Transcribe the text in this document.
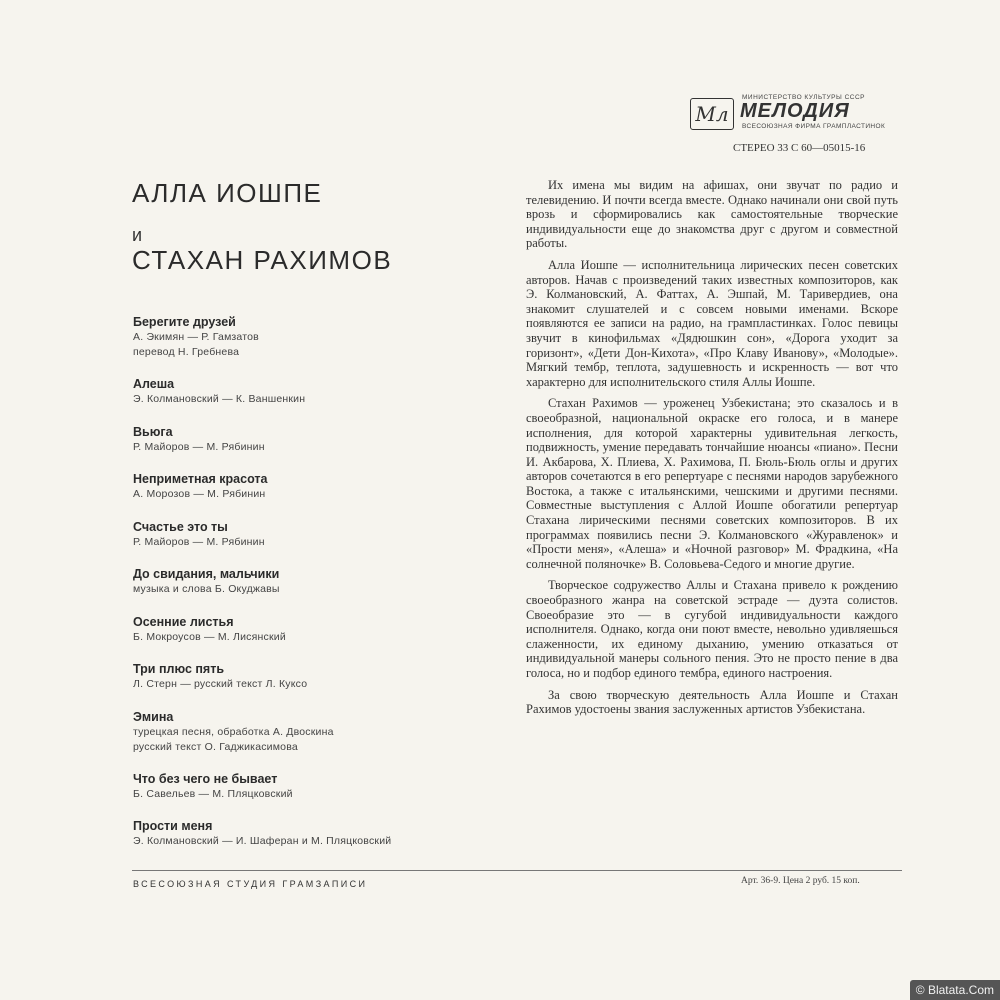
Мл
МИНИСТЕРСТВО КУЛЬТУРЫ СССР
МЕЛОДИЯ
ВСЕСОЮЗНАЯ ФИРМА ГРАМПЛАСТИНОК
СТЕРЕО 33 С 60—05015-16
АЛЛА ИОШПЕ
и
СТАХАН РАХИМОВ
Берегите друзей
А. Экимян — Р. Гамзатов
перевод Н. Гребнева
Алеша
Э. Колмановский — К. Ваншенкин
Вьюга
Р. Майоров — М. Рябинин
Неприметная красота
А. Морозов — М. Рябинин
Счастье это ты
Р. Майоров — М. Рябинин
До свидания, мальчики
музыка и слова Б. Окуджавы
Осенние листья
Б. Мокроусов — М. Лисянский
Три плюс пять
Л. Стерн — русский текст Л. Куксо
Эмина
турецкая песня, обработка А. Двоскина
русский текст О. Гаджикасимова
Что без чего не бывает
Б. Савельев — М. Пляцковский
Прости меня
Э. Колмановский — И. Шаферан и М. Пляцковский

Их имена мы видим на афишах, они звучат по радио и телевидению. И почти всегда вместе. Однако начинали они свой путь врозь и сформировались как самостоятельные творческие индивидуальности еще до знакомства друг с другом и совместной работы.

Алла Иошпе — исполнительница лирических песен советских авторов. Начав с произведений таких известных композиторов, как Э. Колмановский, А. Фаттах, А. Эшпай, М. Таривердиев, она знакомит слушателей и с совсем новыми именами. Вскоре появляются ее записи на радио, на грампластинках. Голос певицы звучит в кинофильмах «Дядюшкин сон», «Дорога уходит за горизонт», «Дети Дон-Кихота», «Про Клаву Иванову», «Молодые». Мягкий тембр, теплота, задушевность и искренность — вот что характерно для исполнительского стиля Аллы Иошпе.

Стахан Рахимов — уроженец Узбекистана; это сказалось и в своеобразной, национальной окраске его голоса, и в манере исполнения, для которой характерны удивительная легкость, подвижность, умение передавать тончайшие нюансы «пиано». Песни И. Акбарова, Х. Плиева, Х. Рахимова, П. Бюль-Бюль оглы и других авторов сочетаются в его репертуаре с песнями народов зарубежного Востока, а также с итальянскими, чешскими и другими песнями. Совместные выступления с Аллой Иошпе обогатили репертуар Стахана лирическими песнями советских композиторов. В их программах появились песни Э. Колмановского «Журавленок» и «Прости меня», «Алеша» и «Ночной разговор» М. Фрадкина, «На солнечной полянoчке» В. Соловьева-Седого и многие другие.

Творческое содружество Аллы и Стахана привело к рождению своеобразного жанра на советской эстраде — дуэта солистов. Своеобразие это — в сугубой индивидуальности каждого исполнителя. Однако, когда они поют вместе, невольно удивляешься слаженности, их единому дыханию, умению отказаться от индивидуальной манеры сольного пения. Это не просто пение в два голоса, но и подбор единого тембра, единого настроения.

За свою творческую деятельность Алла Иошпе и Стахан Рахимов удостоены звания заслуженных артистов Узбекистана.

ВСЕСОЮЗНАЯ СТУДИЯ ГРАМЗАПИСИ	Арт. 36-9. Цена 2 руб. 15 коп.
© Blatata.Com
